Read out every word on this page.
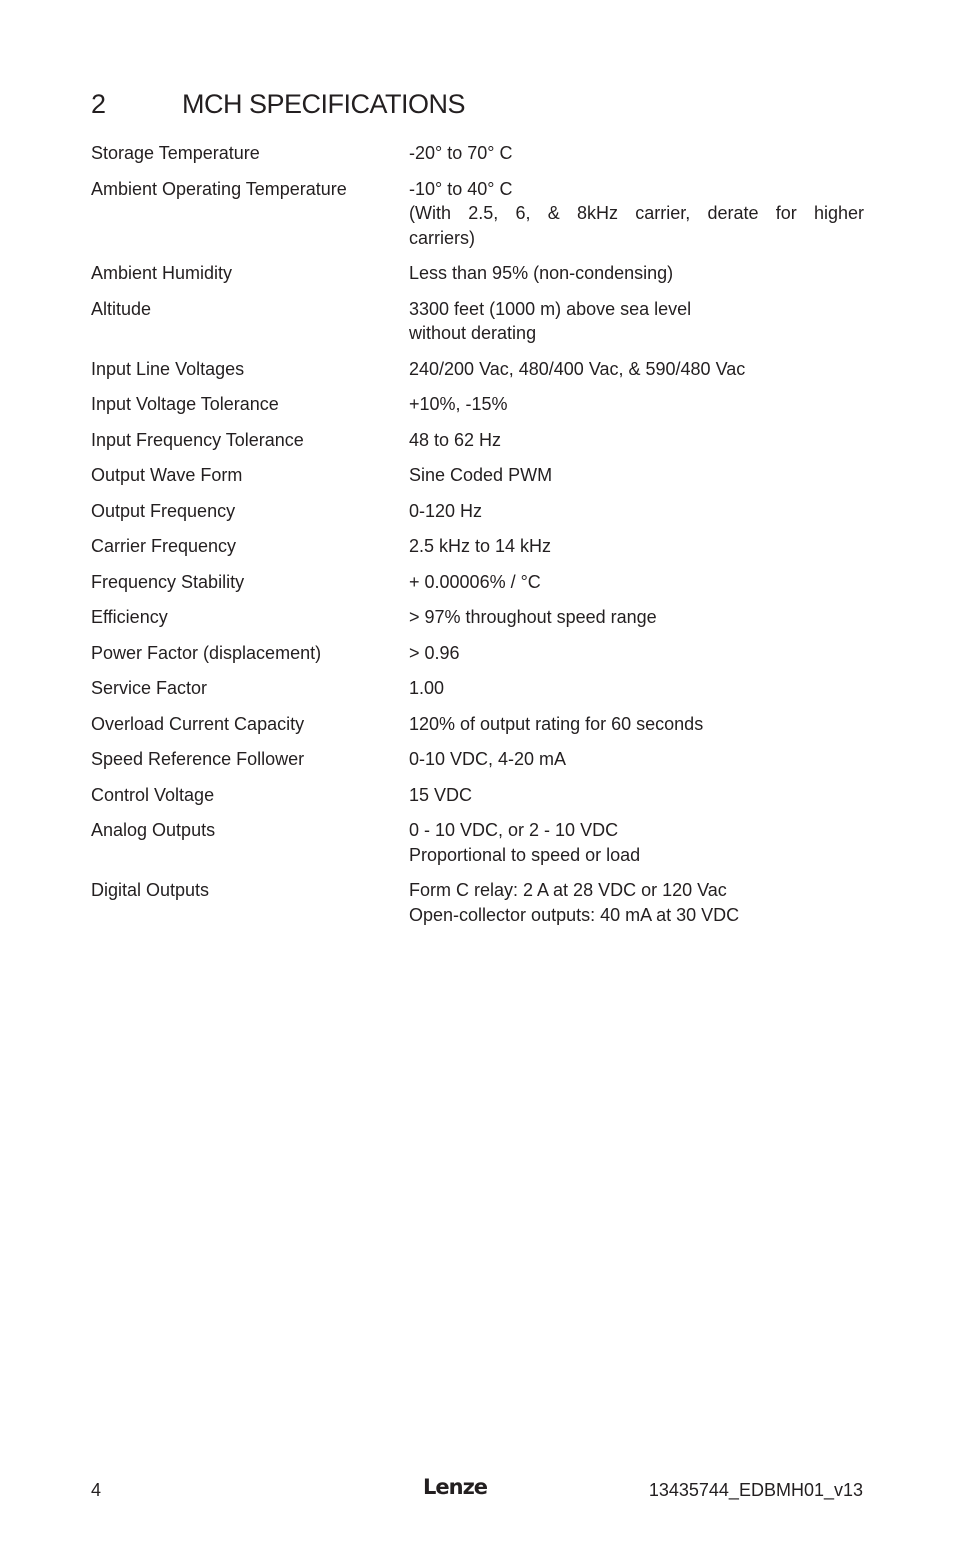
2	MCH SPECIFICATIONS
Storage Temperature	-20° to 70° C
Ambient Operating Temperature	-10° to 40° C
(With 2.5, 6, & 8kHz carrier, derate for higher
carriers)
Ambient Humidity	Less than 95% (non-condensing)
Altitude	3300 feet (1000 m) above sea level
without derating
Input Line Voltages	240/200 Vac, 480/400 Vac, & 590/480 Vac
Input Voltage Tolerance	+10%, -15%
Input Frequency Tolerance	48 to 62 Hz
Output Wave Form	Sine Coded PWM
Output Frequency	0-120 Hz
Carrier Frequency	2.5 kHz to 14 kHz
Frequency Stability	+ 0.00006% / °C
Efficiency	> 97% throughout speed range
Power Factor (displacement)	> 0.96
Service Factor	1.00
Overload Current Capacity	120% of output rating for 60 seconds
Speed Reference Follower	0-10 VDC, 4-20 mA
Control Voltage	15 VDC
Analog Outputs	0 - 10 VDC, or 2 - 10 VDC
Proportional to speed or load
Digital Outputs	Form C relay: 2 A at 28 VDC or 120 Vac
Open-collector outputs: 40 mA at 30 VDC
4	Lenze	13435744_EDBMH01_v13
